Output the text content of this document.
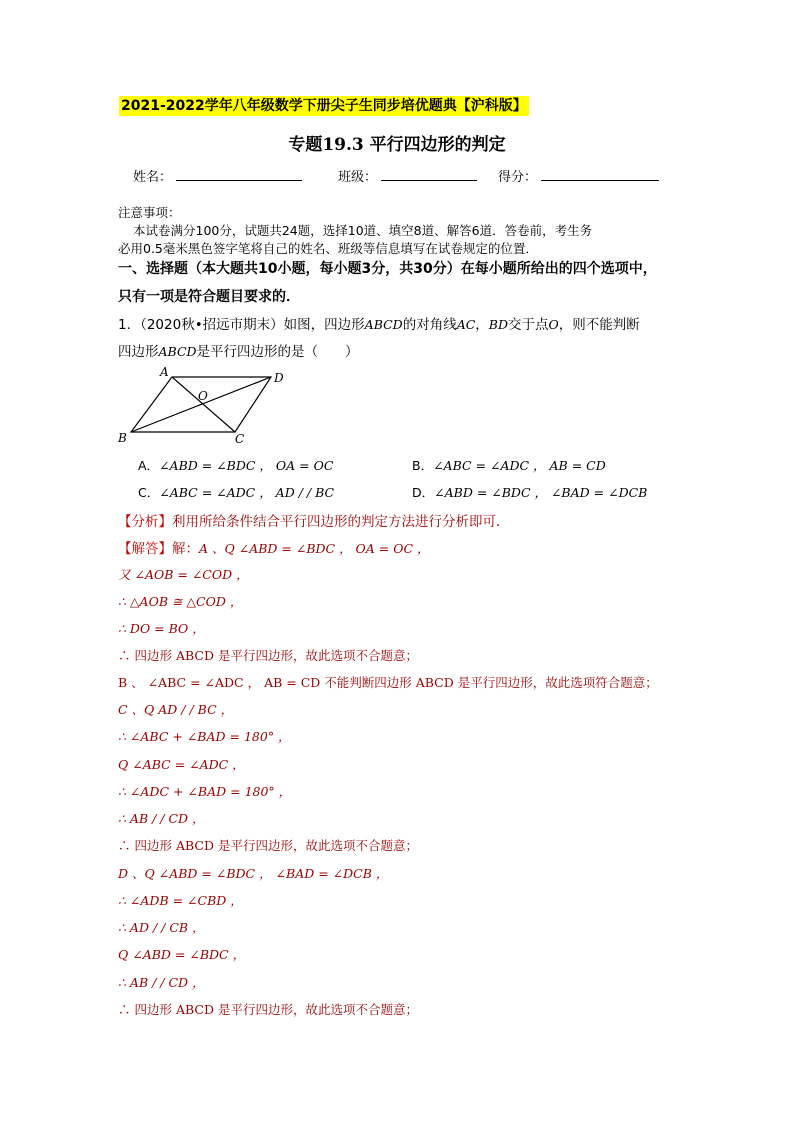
2021-2022学年八年级数学下册尖子生同步培优题典【沪科版】
专题19.3 平行四边形的判定
姓名：	班级：	得分：
注意事项：
本试卷满分100分，试题共24题，选择10道、填空8道、解答6道．答卷前，考生务
必用0.5毫米黑色签字笔将自己的姓名、班级等信息填写在试卷规定的位置．
一、选择题（本大题共10小题，每小题3分，共30分）在每小题所给出的四个选项中，
只有一项是符合题目要求的．
1．（2020秋•招远市期末）如图，四边形ABCD的对角线AC，BD交于点O，则不能判断
四边形ABCD是平行四边形的是（　　）
A	D
O
B	C
A．∠ABD = ∠BDC ， OA = OC	B．∠ABC = ∠ADC ， AB = CD
C．∠ABC = ∠ADC ， AD / / BC	D．∠ABD = ∠BDC ， ∠BAD = ∠DCB
【分析】利用所给条件结合平行四边形的判定方法进行分析即可．
【解答】解：A 、Q ∠ABD = ∠BDC ， OA = OC ，
又 ∠AOB = ∠COD ，
∴ △AOB ≅ △COD ，
∴ DO = BO ，
∴ 四边形 ABCD 是平行四边形，故此选项不合题意；
B 、 ∠ABC = ∠ADC ， AB = CD 不能判断四边形 ABCD 是平行四边形，故此选项符合题意；
C 、Q AD / / BC ，
∴ ∠ABC + ∠BAD = 180° ，
Q ∠ABC = ∠ADC ，
∴ ∠ADC + ∠BAD = 180° ，
∴ AB / / CD ，
∴ 四边形 ABCD 是平行四边形，故此选项不合题意；
D 、Q ∠ABD = ∠BDC ， ∠BAD = ∠DCB ，
∴ ∠ADB = ∠CBD ，
∴ AD / / CB ，
Q ∠ABD = ∠BDC ，
∴ AB / / CD ，
∴ 四边形 ABCD 是平行四边形，故此选项不合题意；
